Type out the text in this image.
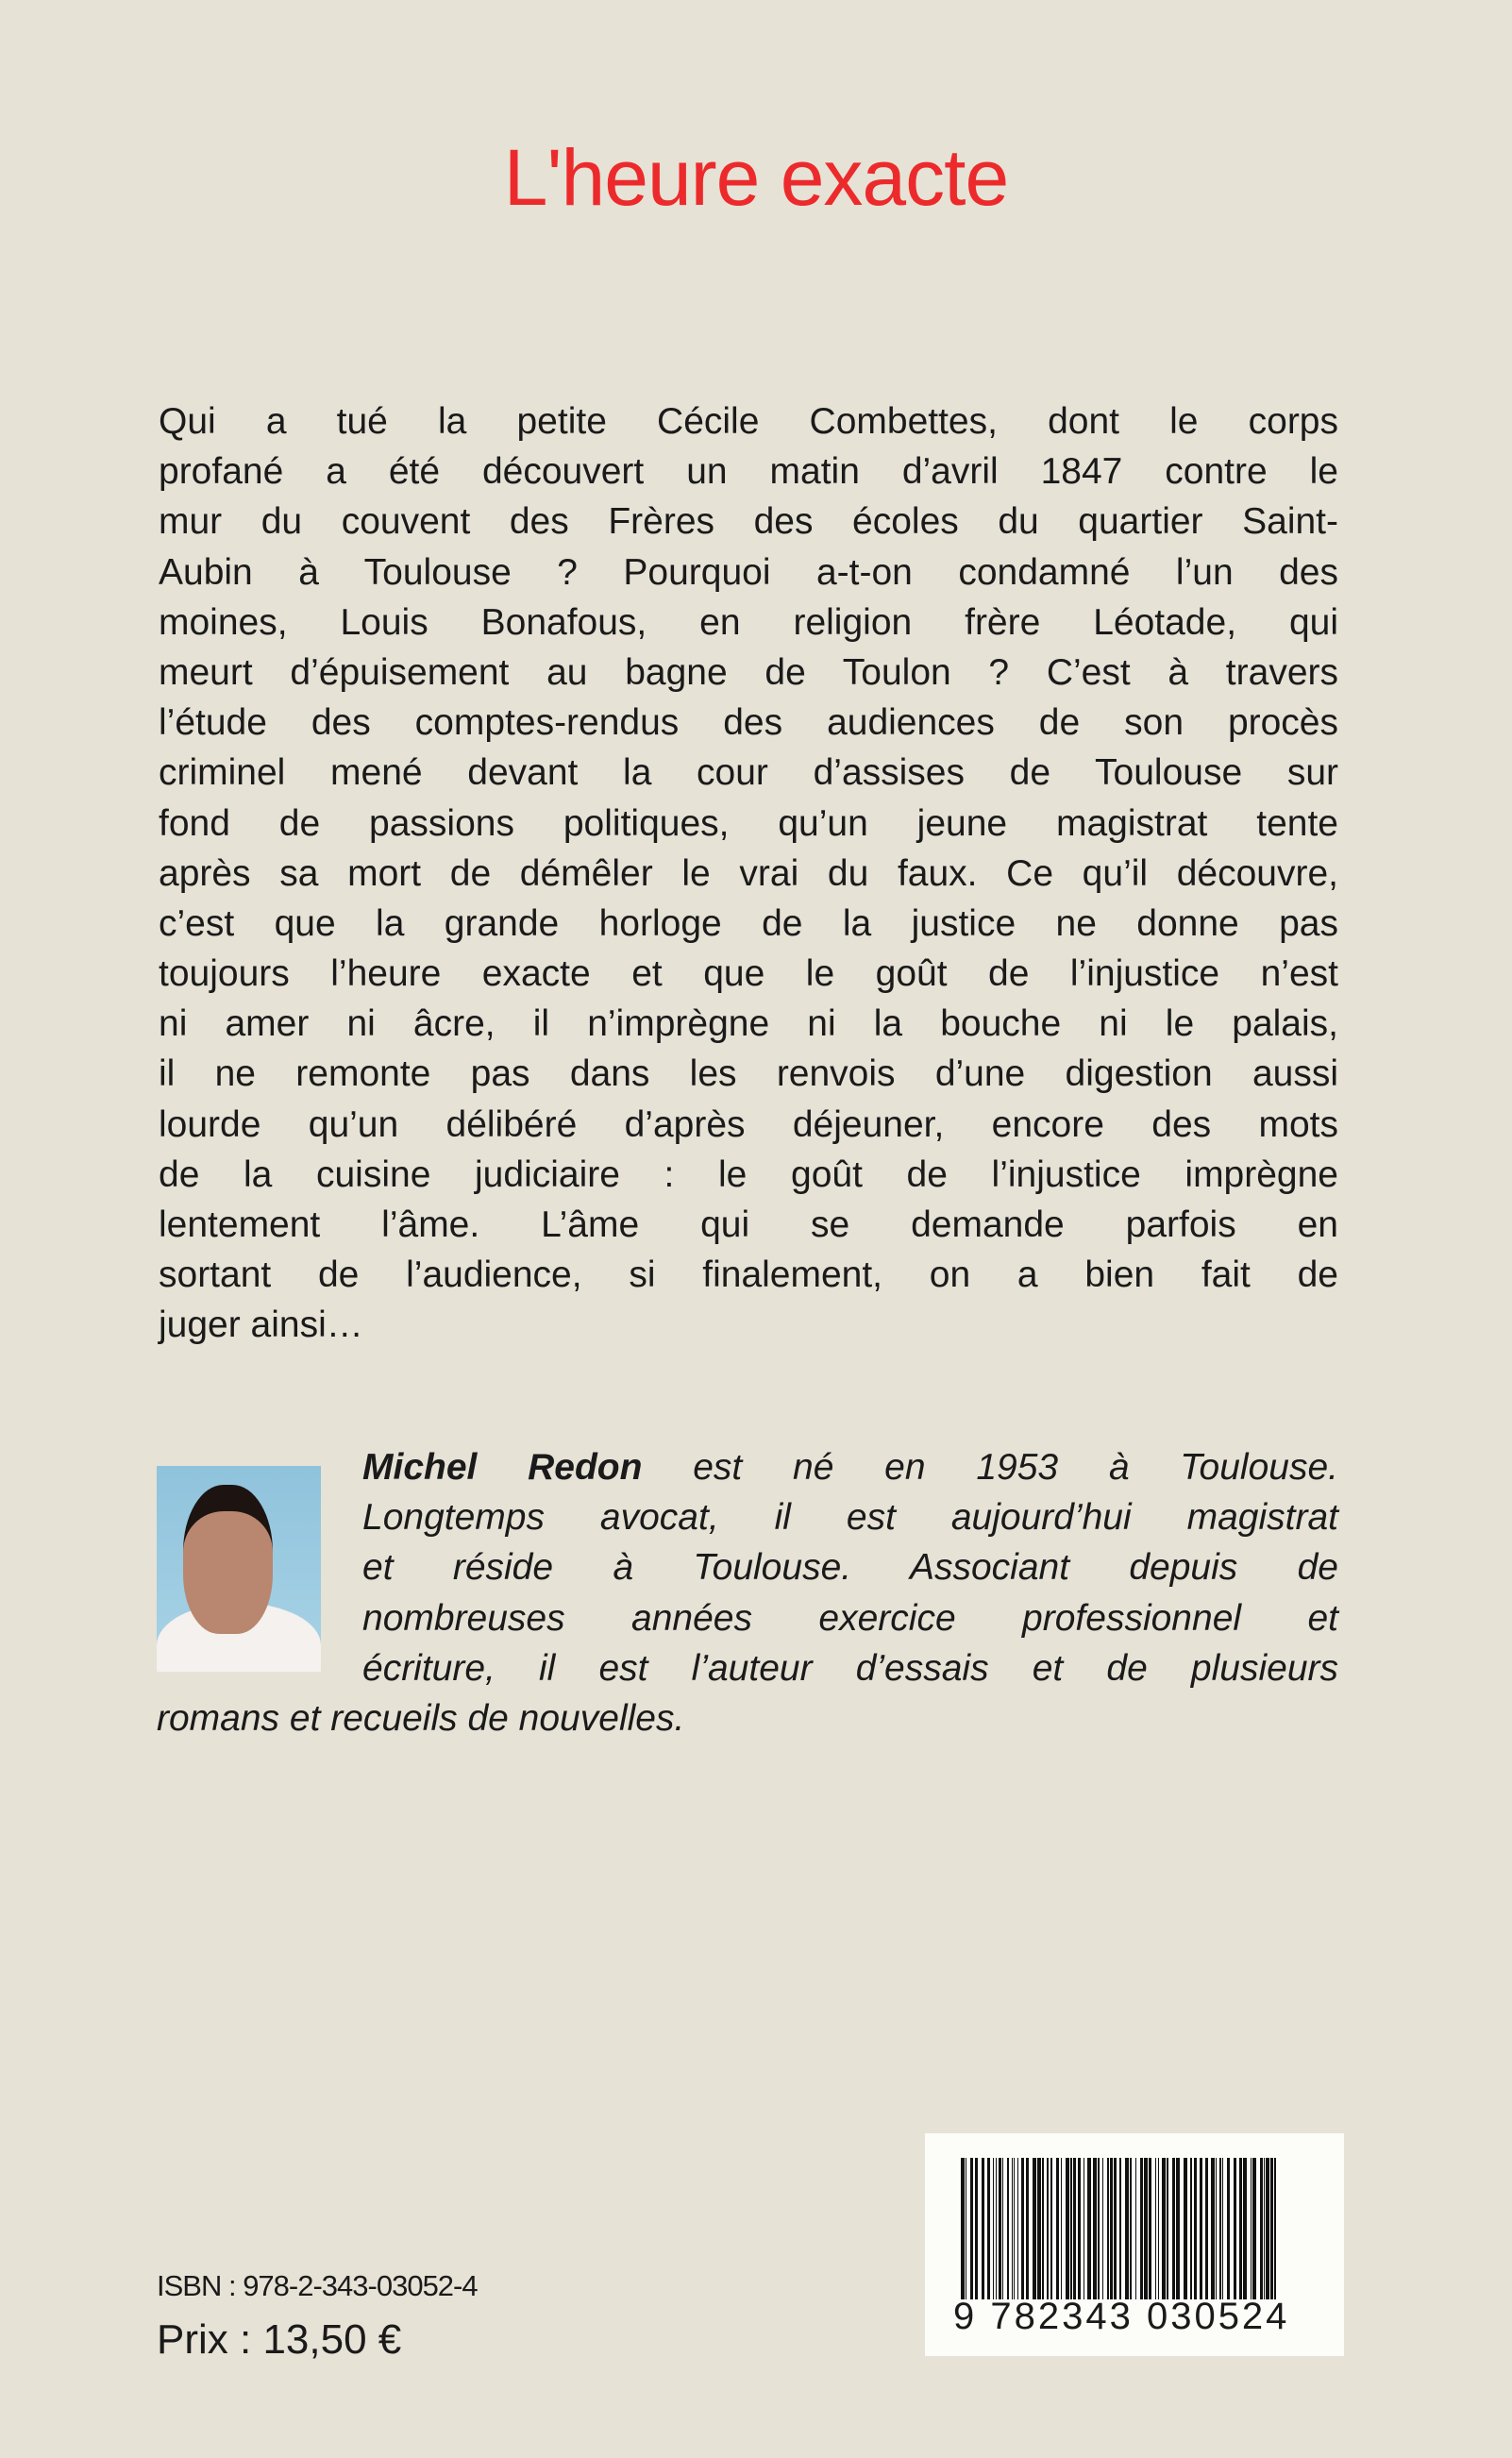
L'heure exacte
Qui a tué la petite Cécile Combettes, dont le corps
profané a été découvert un matin d’avril 1847 contre le
mur du couvent des Frères des écoles du quartier Saint-
Aubin à Toulouse ? Pourquoi a-t-on condamné l’un des
moines, Louis Bonafous, en religion frère Léotade, qui
meurt d’épuisement au bagne de Toulon ? C’est à travers
l’étude des comptes-rendus des audiences de son procès
criminel mené devant la cour d’assises de Toulouse sur
fond de passions politiques, qu’un jeune magistrat tente
après sa mort de démêler le vrai du faux. Ce qu’il découvre,
c’est que la grande horloge de la justice ne donne pas
toujours l’heure exacte et que le goût de l’injustice n’est
ni amer ni âcre, il n’imprègne ni la bouche ni le palais,
il ne remonte pas dans les renvois d’une digestion aussi
lourde qu’un délibéré d’après déjeuner, encore des mots
de la cuisine judiciaire : le goût de l’injustice imprègne
lentement l’âme. L’âme qui se demande parfois en
sortant de l’audience, si finalement, on a bien fait de
juger ainsi…
Michel Redon est né en 1953 à Toulouse.
Longtemps avocat, il est aujourd’hui magistrat
et réside à Toulouse. Associant depuis de
nombreuses années exercice professionnel et
écriture, il est l’auteur d’essais et de plusieurs
romans et recueils de nouvelles.
ISBN : 978-2-343-03052-4
Prix : 13,50 €	9 782343 030524
